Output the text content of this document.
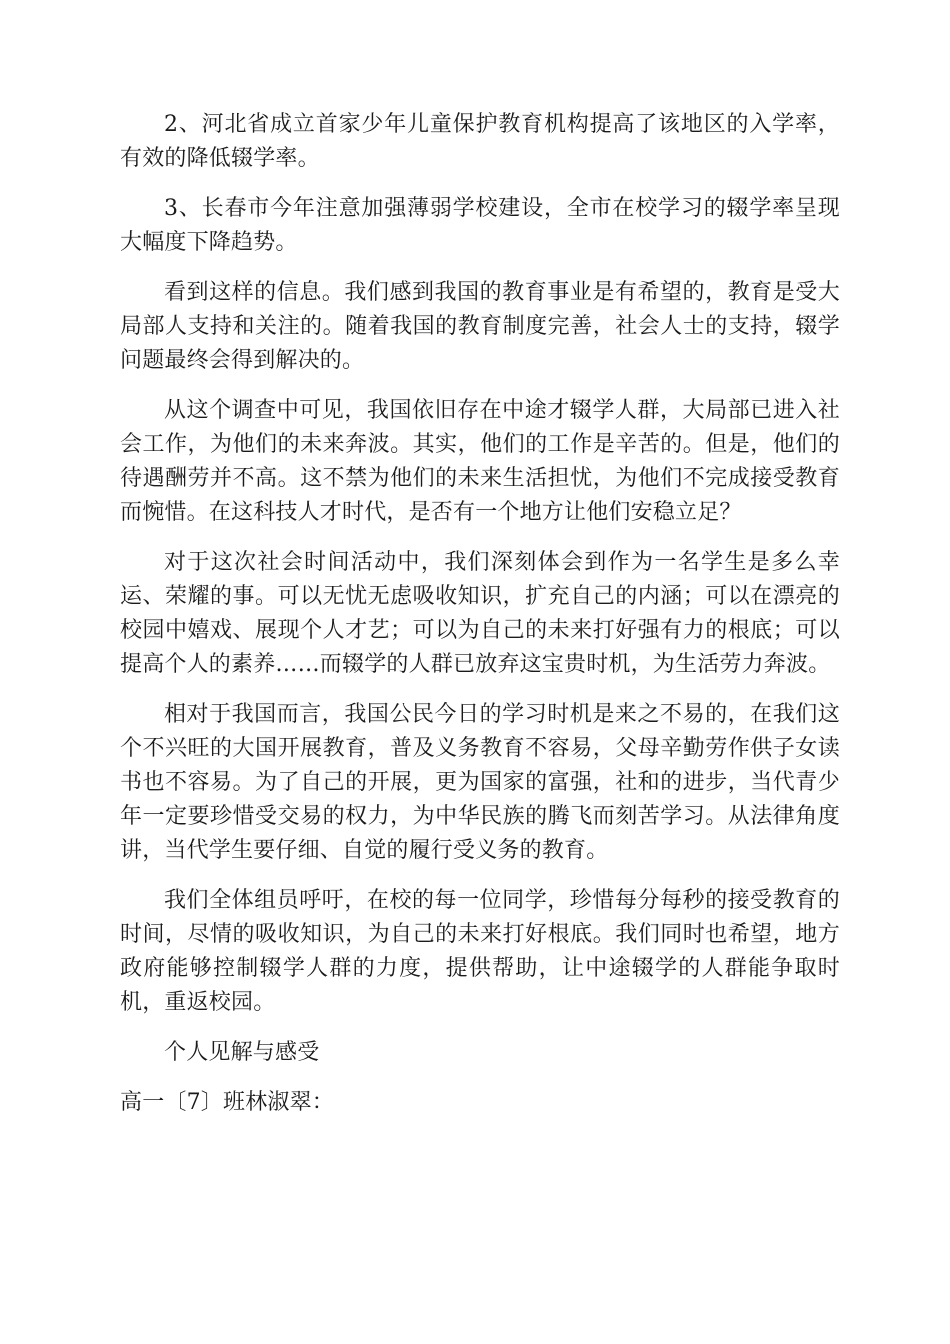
2、河北省成立首家少年儿童保护教育机构提高了该地区的入学率，有效的降低辍学率。

3、长春市今年注意加强薄弱学校建设，全市在校学习的辍学率呈现大幅度下降趋势。

看到这样的信息。我们感到我国的教育事业是有希望的，教育是受大局部人支持和关注的。随着我国的教育制度完善，社会人士的支持，辍学问题最终会得到解决的。

从这个调查中可见，我国依旧存在中途才辍学人群，大局部已进入社会工作，为他们的未来奔波。其实，他们的工作是辛苦的。但是，他们的待遇酬劳并不高。这不禁为他们的未来生活担忧，为他们不完成接受教育而惋惜。在这科技人才时代，是否有一个地方让他们安稳立足？

对于这次社会时间活动中，我们深刻体会到作为一名学生是多么幸运、荣耀的事。可以无忧无虑吸收知识，扩充自己的内涵；可以在漂亮的校园中嬉戏、展现个人才艺；可以为自己的未来打好强有力的根底；可以提高个人的素养……而辍学的人群已放弃这宝贵时机，为生活劳力奔波。

相对于我国而言，我国公民今日的学习时机是来之不易的，在我们这个不兴旺的大国开展教育，普及义务教育不容易，父母辛勤劳作供子女读书也不容易。为了自己的开展，更为国家的富强，社和的进步，当代青少年一定要珍惜受交易的权力，为中华民族的腾飞而刻苦学习。从法律角度讲，当代学生要仔细、自觉的履行受义务的教育。

我们全体组员呼吁，在校的每一位同学，珍惜每分每秒的接受教育的时间，尽情的吸收知识，为自己的未来打好根底。我们同时也希望，地方政府能够控制辍学人群的力度，提供帮助，让中途辍学的人群能争取时机，重返校园。

个人见解与感受

高一〔7〕班林淑翠：
